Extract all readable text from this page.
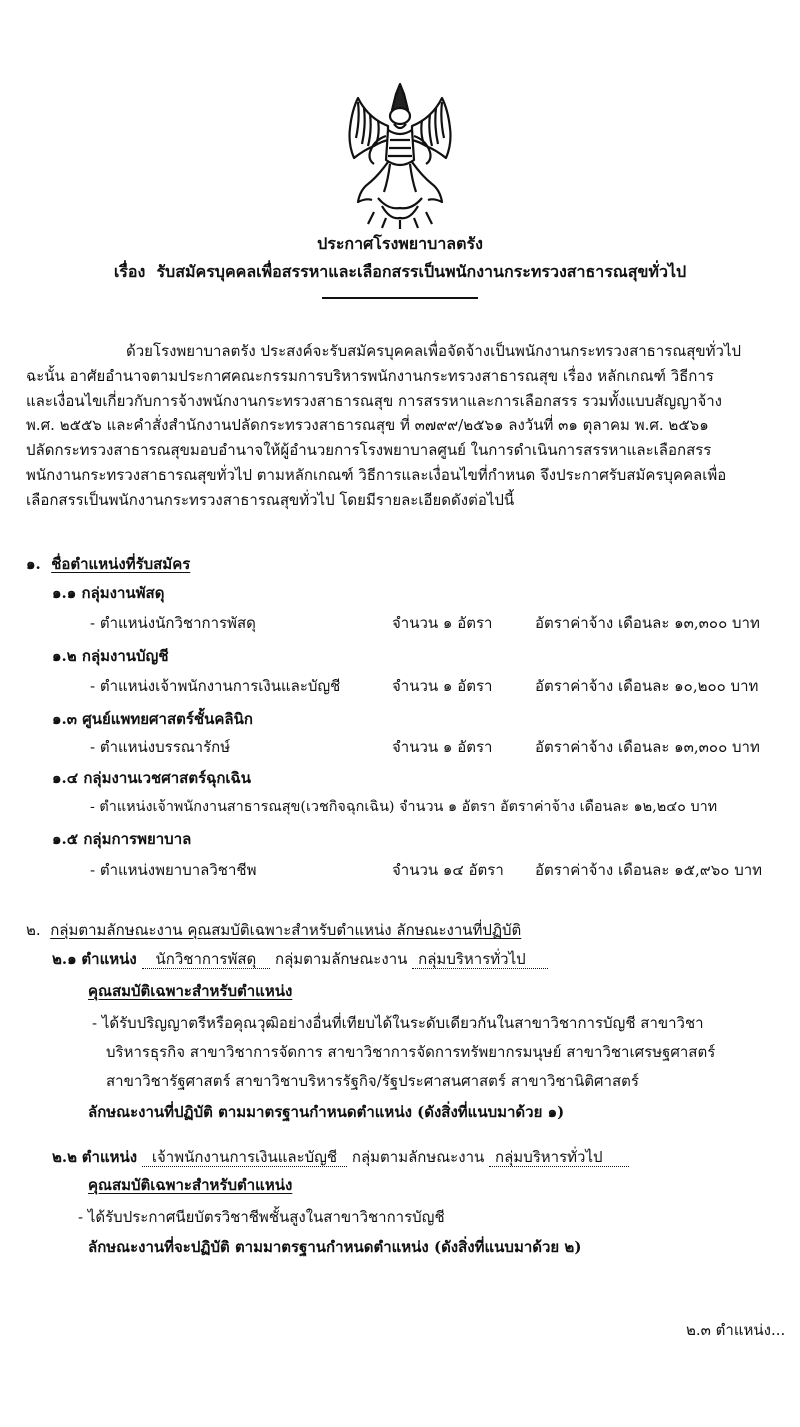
ประกาศโรงพยาบาลตรัง
เรื่อง รับสมัครบุคคลเพื่อสรรหาและเลือกสรรเป็นพนักงานกระทรวงสาธารณสุขทั่วไป
ด้วยโรงพยาบาลตรัง ประสงค์จะรับสมัครบุคคลเพื่อจัดจ้างเป็นพนักงานกระทรวงสาธารณสุขทั่วไป
ฉะนั้น อาศัยอำนาจตามประกาศคณะกรรมการบริหารพนักงานกระทรวงสาธารณสุข เรื่อง หลักเกณฑ์ วิธีการ
และเงื่อนไขเกี่ยวกับการจ้างพนักงานกระทรวงสาธารณสุข การสรรหาและการเลือกสรร รวมทั้งแบบสัญญาจ้าง
พ.ศ. ๒๕๕๖ และคำสั่งสำนักงานปลัดกระทรวงสาธารณสุข ที่ ๓๗๙๙/๒๕๖๑ ลงวันที่ ๓๑ ตุลาคม พ.ศ. ๒๕๖๑
ปลัดกระทรวงสาธารณสุขมอบอำนาจให้ผู้อำนวยการโรงพยาบาลศูนย์ ในการดำเนินการสรรหาและเลือกสรร
พนักงานกระทรวงสาธารณสุขทั่วไป ตามหลักเกณฑ์ วิธีการและเงื่อนไขที่กำหนด จึงประกาศรับสมัครบุคคลเพื่อ
เลือกสรรเป็นพนักงานกระทรวงสาธารณสุขทั่วไป โดยมีรายละเอียดดังต่อไปนี้
๑. ชื่อตำแหน่งที่รับสมัคร
๑.๑ กลุ่มงานพัสดุ
- ตำแหน่งนักวิชาการพัสดุ	จำนวน ๑ อัตรา	อัตราค่าจ้าง เดือนละ ๑๓,๓๐๐ บาท
๑.๒ กลุ่มงานบัญชี
- ตำแหน่งเจ้าพนักงานการเงินและบัญชี	จำนวน ๑ อัตรา	อัตราค่าจ้าง เดือนละ ๑๐,๒๐๐ บาท
๑.๓ ศูนย์แพทยศาสตร์ชั้นคลินิก
- ตำแหน่งบรรณารักษ์	จำนวน ๑ อัตรา	อัตราค่าจ้าง เดือนละ ๑๓,๓๐๐ บาท
๑.๔ กลุ่มงานเวชศาสตร์ฉุกเฉิน
- ตำแหน่งเจ้าพนักงานสาธารณสุข(เวชกิจฉุกเฉิน) จำนวน ๑ อัตรา อัตราค่าจ้าง เดือนละ ๑๒,๒๔๐ บาท
๑.๕ กลุ่มการพยาบาล
- ตำแหน่งพยาบาลวิชาชีพ	จำนวน ๑๔ อัตรา อัตราค่าจ้าง เดือนละ ๑๕,๙๖๐ บาท
๒. กลุ่มตามลักษณะงาน คุณสมบัติเฉพาะสำหรับตำแหน่ง ลักษณะงานที่ปฏิบัติ
๒.๑ ตำแหน่ง นักวิชาการพัสดุ กลุ่มตามลักษณะงาน กลุ่มบริหารทั่วไป
คุณสมบัติเฉพาะสำหรับตำแหน่ง
- ได้รับปริญญาตรีหรือคุณวุฒิอย่างอื่นที่เทียบได้ในระดับเดียวกันในสาขาวิชาการบัญชี สาขาวิชา
บริหารธุรกิจ สาขาวิชาการจัดการ สาขาวิชาการจัดการทรัพยากรมนุษย์ สาขาวิชาเศรษฐศาสตร์
สาขาวิชารัฐศาสตร์ สาขาวิชาบริหารรัฐกิจ/รัฐประศาสนศาสตร์ สาขาวิชานิติศาสตร์
ลักษณะงานที่ปฏิบัติ ตามมาตรฐานกำหนดตำแหน่ง (ดังสิ่งที่แนบมาด้วย ๑)
๒.๒ ตำแหน่ง เจ้าพนักงานการเงินและบัญชี กลุ่มตามลักษณะงาน กลุ่มบริหารทั่วไป
คุณสมบัติเฉพาะสำหรับตำแหน่ง
- ได้รับประกาศนียบัตรวิชาชีพชั้นสูงในสาขาวิชาการบัญชี
ลักษณะงานที่จะปฏิบัติ ตามมาตรฐานกำหนดตำแหน่ง (ดังสิ่งที่แนบมาด้วย ๒)
๒.๓ ตำแหน่ง...
